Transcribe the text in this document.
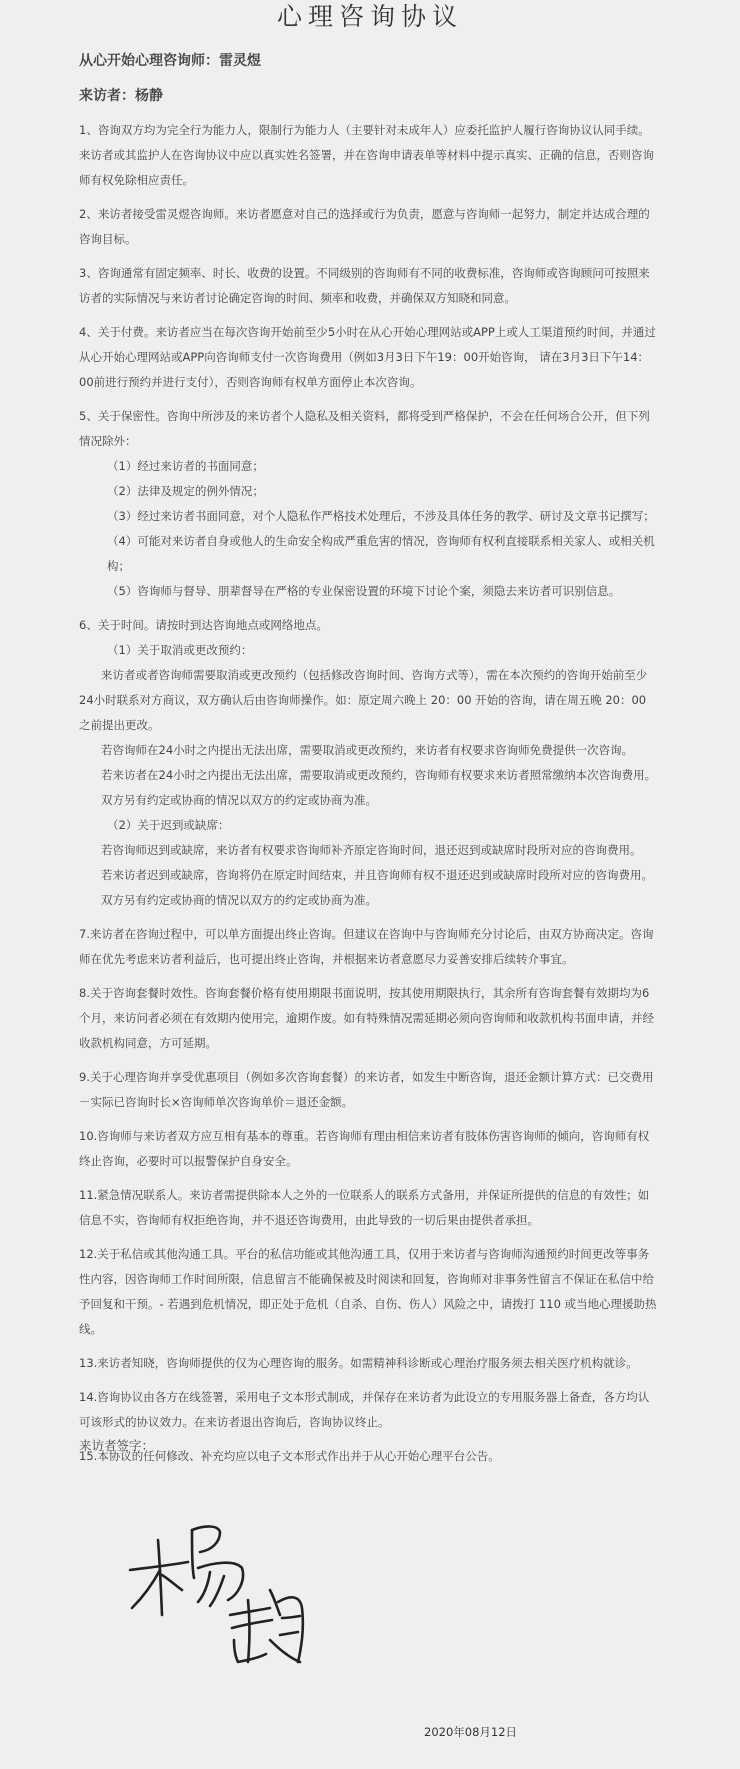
心理咨询协议
从心开始心理咨询师：雷灵煜
来访者：杨静

1、咨询双方均为完全行为能力人，限制行为能力人（主要针对未成年人）应委托监护人履行咨询协议认同手续。来访者或其监护人在咨询协议中应以真实姓名签署，并在咨询申请表单等材料中提示真实、正确的信息，否则咨询师有权免除相应责任。

2、来访者接受雷灵煜咨询师。来访者愿意对自己的选择或行为负责，愿意与咨询师一起努力，制定并达成合理的咨询目标。

3、咨询通常有固定频率、时长、收费的设置。不同级别的咨询师有不同的收费标准，咨询师或咨询顾问可按照来访者的实际情况与来访者讨论确定咨询的时间、频率和收费，并确保双方知晓和同意。

4、关于付费。来访者应当在每次咨询开始前至少5小时在从心开始心理网站或APP上或人工渠道预约时间，并通过从心开始心理网站或APP向咨询师支付一次咨询费用（例如3月3日下午19：00开始咨询， 请在3月3日下午14：00前进行预约并进行支付），否则咨询师有权单方面停止本次咨询。

5、关于保密性。咨询中所涉及的来访者个人隐私及相关资料，都将受到严格保护，不会在任何场合公开，但下列情况除外：

（1）经过来访者的书面同意；
（2）法律及规定的例外情况；
（3）经过来访者书面同意，对个人隐私作严格技术处理后，不涉及具体任务的教学、研讨及文章书记撰写；
（4）可能对来访者自身或他人的生命安全构成严重危害的情况，咨询师有权利直接联系相关家人、或相关机构；
（5）咨询师与督导、朋辈督导在严格的专业保密设置的环境下讨论个案，须隐去来访者可识别信息。
6、关于时间。请按时到达咨询地点或网络地点。
（1）关于取消或更改预约：
来访者或者咨询师需要取消或更改预约（包括修改咨询时间、咨询方式等），需在本次预约的咨询开始前至少24小时联系对方商议，双方确认后由咨询师操作。如：原定周六晚上 20：00 开始的咨询，请在周五晚 20：00 之前提出更改。
若咨询师在24小时之内提出无法出席，需要取消或更改预约，来访者有权要求咨询师免费提供一次咨询。
若来访者在24小时之内提出无法出席，需要取消或更改预约，咨询师有权要求来访者照常缴纳本次咨询费用。
双方另有约定或协商的情况以双方的约定或协商为准。
（2）关于迟到或缺席：
若咨询师迟到或缺席，来访者有权要求咨询师补齐原定咨询时间，退还迟到或缺席时段所对应的咨询费用。
若来访者迟到或缺席，咨询将仍在原定时间结束，并且咨询师有权不退还迟到或缺席时段所对应的咨询费用。
双方另有约定或协商的情况以双方的约定或协商为准。

7.来访者在咨询过程中，可以单方面提出终止咨询。但建议在咨询中与咨询师充分讨论后，由双方协商决定。咨询师在优先考虑来访者利益后，也可提出终止咨询，并根据来访者意愿尽力妥善安排后续转介事宜。

8.关于咨询套餐时效性。咨询套餐价格有使用期限书面说明，按其使用期限执行，其余所有咨询套餐有效期均为6个月，来访问者必须在有效期内使用完，逾期作废。如有特殊情况需延期必须向咨询师和收款机构书面申请，并经收款机构同意，方可延期。

9.关于心理咨询并享受优惠项目（例如多次咨询套餐）的来访者，如发生中断咨询，退还金额计算方式：已交费用－实际已咨询时长×咨询师单次咨询单价＝退还金额。

10.咨询师与来访者双方应互相有基本的尊重。若咨询师有理由相信来访者有肢体伤害咨询师的倾向，咨询师有权终止咨询，必要时可以报警保护自身安全。

11.紧急情况联系人。来访者需提供除本人之外的一位联系人的联系方式备用，并保证所提供的信息的有效性；如信息不实，咨询师有权拒绝咨询，并不退还咨询费用，由此导致的一切后果由提供者承担。

12.关于私信或其他沟通工具。平台的私信功能或其他沟通工具，仅用于来访者与咨询师沟通预约时间更改等事务性内容，因咨询师工作时间所限，信息留言不能确保被及时阅读和回复，咨询师对非事务性留言不保证在私信中给予回复和干预。- 若遇到危机情况，即正处于危机（自杀、自伤、伤人）风险之中，请拨打 110 或当地心理援助热线。

13.来访者知晓，咨询师提供的仅为心理咨询的服务。如需精神科诊断或心理治疗服务须去相关医疗机构就诊。

14.咨询协议由各方在线签署，采用电子文本形式制成，并保存在来访者为此设立的专用服务器上备查，各方均认可该形式的协议效力。在来访者退出咨询后，咨询协议终止。

15.本协议的任何修改、补充均应以电子文本形式作出并于从心开始心理平台公告。

来访者签字：
2020年08月12日
